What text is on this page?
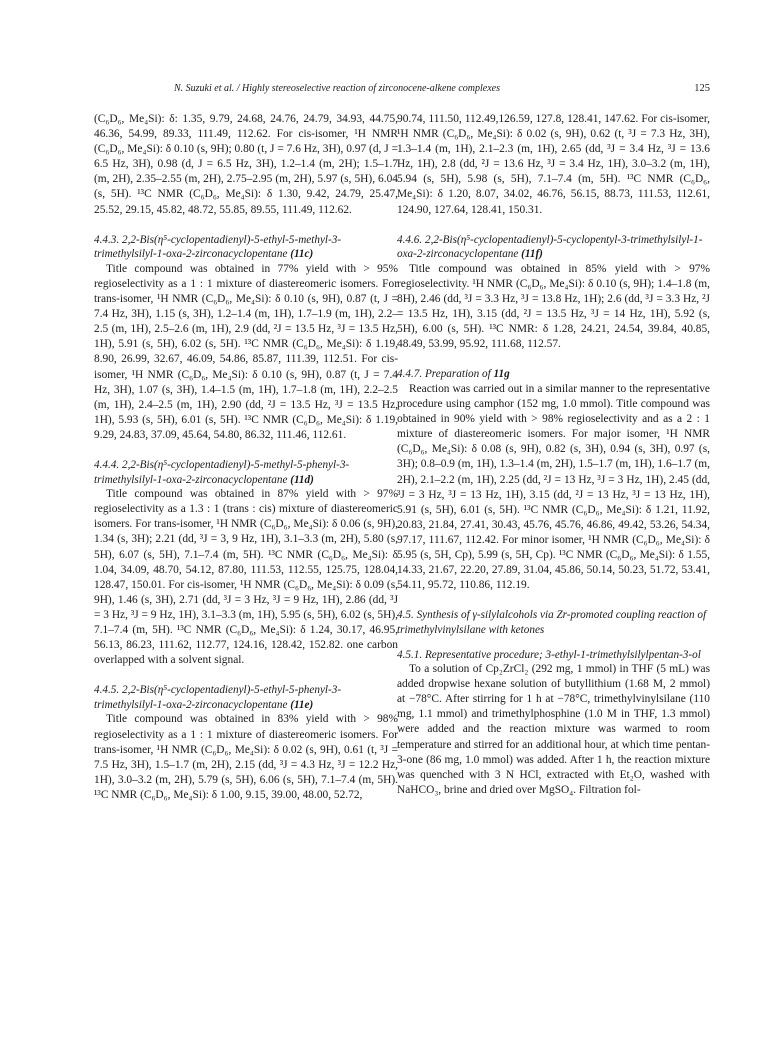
N. Suzuki et al. / Highly stereoselective reaction of zirconocene-alkene complexes	125

(C₆D₆, Me₄Si): δ: 1.35, 9.79, 24.68, 24.76, 24.79, 34.93, 44.75, 46.36, 54.99, 89.33, 111.49, 112.62. For cis-isomer, ¹H NMR (C₆D₆, Me₄Si): δ 0.10 (s, 9H); 0.80 (t, J = 7.6 Hz, 3H), 0.97 (d, J = 6.5 Hz, 3H), 0.98 (d, J = 6.5 Hz, 3H), 1.2–1.4 (m, 2H); 1.5–1.7 (m, 2H), 2.35–2.55 (m, 2H), 2.75–2.95 (m, 2H), 5.97 (s, 5H), 6.04 (s, 5H). ¹³C NMR (C₆D₆, Me₄Si): δ 1.30, 9.42, 24.79, 25.47, 25.52, 29.15, 45.82, 48.72, 55.85, 89.55, 111.49, 112.62.

4.4.3. 2,2-Bis(η⁵-cyclopentadienyl)-5-ethyl-5-methyl-3-trimethylsilyl-1-oxa-2-zirconacyclopentane (11c)

Title compound was obtained in 77% yield with > 95% regioselectivity as a 1 : 1 mixture of diastereomeric isomers. For trans-isomer, ¹H NMR (C₆D₆, Me₄Si): δ 0.10 (s, 9H), 0.87 (t, J = 7.4 Hz, 3H), 1.15 (s, 3H), 1.2–1.4 (m, 1H), 1.7–1.9 (m, 1H), 2.2–2.5 (m, 1H), 2.5–2.6 (m, 1H), 2.9 (dd, ²J = 13.5 Hz, ³J = 13.5 Hz, 1H), 5.91 (s, 5H), 6.02 (s, 5H). ¹³C NMR (C₆D₆, Me₄Si): δ 1.19, 8.90, 26.99, 32.67, 46.09, 54.86, 85.87, 111.39, 112.51. For cis-isomer, ¹H NMR (C₆D₆, Me₄Si): δ 0.10 (s, 9H), 0.87 (t, J = 7.4 Hz, 3H), 1.07 (s, 3H), 1.4–1.5 (m, 1H), 1.7–1.8 (m, 1H), 2.2–2.5 (m, 1H), 2.4–2.5 (m, 1H), 2.90 (dd, ²J = 13.5 Hz, ³J = 13.5 Hz, 1H), 5.93 (s, 5H), 6.01 (s, 5H). ¹³C NMR (C₆D₆, Me₄Si): δ 1.19, 9.29, 24.83, 37.09, 45.64, 54.80, 86.32, 111.46, 112.61.

4.4.4. 2,2-Bis(η⁵-cyclopentadienyl)-5-methyl-5-phenyl-3-trimethylsilyl-1-oxa-2-zirconacyclopentane (11d)

Title compound was obtained in 87% yield with > 97% regioselectivity as a 1.3 : 1 (trans : cis) mixture of diastereomeric isomers. For trans-isomer, ¹H NMR (C₆D₆, Me₄Si): δ 0.06 (s, 9H), 1.34 (s, 3H); 2.21 (dd, ³J = 3, 9 Hz, 1H), 3.1–3.3 (m, 2H), 5.80 (s, 5H), 6.07 (s, 5H), 7.1–7.4 (m, 5H). ¹³C NMR (C₆D₆, Me₄Si): δ 1.04, 34.09, 48.70, 54.12, 87.80, 111.53, 112.55, 125.75, 128.04, 128.47, 150.01. For cis-isomer, ¹H NMR (C₆D₆, Me₄Si): δ 0.09 (s, 9H), 1.46 (s, 3H), 2.71 (dd, ³J = 3 Hz, ³J = 9 Hz, 1H), 2.86 (dd, ³J = 3 Hz, ³J = 9 Hz, 1H), 3.1–3.3 (m, 1H), 5.95 (s, 5H), 6.02 (s, 5H), 7.1–7.4 (m, 5H). ¹³C NMR (C₆D₆, Me₄Si): δ 1.24, 30.17, 46.95, 56.13, 86.23, 111.62, 112.77, 124.16, 128.42, 152.82. one carbon overlapped with a solvent signal.

4.4.5. 2,2-Bis(η⁵-cyclopentadienyl)-5-ethyl-5-phenyl-3-trimethylsilyl-1-oxa-2-zirconacyclopentane (11e)

Title compound was obtained in 83% yield with > 98% regioselectivity as a 1 : 1 mixture of diastereomeric isomers. For trans-isomer, ¹H NMR (C₆D₆, Me₄Si): δ 0.02 (s, 9H), 0.61 (t, ³J = 7.5 Hz, 3H), 1.5–1.7 (m, 2H), 2.15 (dd, ³J = 4.3 Hz, ³J = 12.2 Hz, 1H), 3.0–3.2 (m, 2H), 5.79 (s, 5H), 6.06 (s, 5H), 7.1–7.4 (m, 5H). ¹³C NMR (C₆D₆, Me₄Si): δ 1.00, 9.15, 39.00, 48.00, 52.72,

90.74, 111.50, 112.49,126.59, 127.8, 128.41, 147.62. For cis-isomer, ¹H NMR (C₆D₆, Me₄Si): δ 0.02 (s, 9H), 0.62 (t, ³J = 7.3 Hz, 3H), 1.3–1.4 (m, 1H), 2.1–2.3 (m, 1H), 2.65 (dd, ³J = 3.4 Hz, ³J = 13.6 Hz, 1H), 2.8 (dd, ²J = 13.6 Hz, ³J = 3.4 Hz, 1H), 3.0–3.2 (m, 1H), 5.94 (s, 5H), 5.98 (s, 5H), 7.1–7.4 (m, 5H). ¹³C NMR (C₆D₆, Me₄Si): δ 1.20, 8.07, 34.02, 46.76, 56.15, 88.73, 111.53, 112.61, 124.90, 127.64, 128.41, 150.31.

4.4.6. 2,2-Bis(η⁵-cyclopentadienyl)-5-cyclopentyl-3-trimethylsilyl-1-oxa-2-zirconacyclopentane (11f)

Title compound was obtained in 85% yield with > 97% regioselectivity. ¹H NMR (C₆D₆, Me₄Si): δ 0.10 (s, 9H); 1.4–1.8 (m, 8H), 2.46 (dd, ³J = 3.3 Hz, ³J = 13.8 Hz, 1H); 2.6 (dd, ³J = 3.3 Hz, ²J = 13.5 Hz, 1H), 3.15 (dd, ²J = 13.5 Hz, ³J = 14 Hz, 1H), 5.92 (s, 5H), 6.00 (s, 5H). ¹³C NMR: δ 1.28, 24.21, 24.54, 39.84, 40.85, 48.49, 53.99, 95.92, 111.68, 112.57.

4.4.7. Preparation of 11g

Reaction was carried out in a similar manner to the representative procedure using camphor (152 mg, 1.0 mmol). Title compound was obtained in 90% yield with > 98% regioselectivity and as a 2 : 1 mixture of diastereomeric isomers. For major isomer, ¹H NMR (C₆D₆, Me₄Si): δ 0.08 (s, 9H), 0.82 (s, 3H), 0.94 (s, 3H), 0.97 (s, 3H); 0.8–0.9 (m, 1H), 1.3–1.4 (m, 2H), 1.5–1.7 (m, 1H), 1.6–1.7 (m, 2H), 2.1–2.2 (m, 1H), 2.25 (dd, ²J = 13 Hz, ³J = 3 Hz, 1H), 2.45 (dd, ³J = 3 Hz, ³J = 13 Hz, 1H), 3.15 (dd, ²J = 13 Hz, ³J = 13 Hz, 1H), 5.91 (s, 5H), 6.01 (s, 5H). ¹³C NMR (C₆D₆, Me₄Si): δ 1.21, 11.92, 20.83, 21.84, 27.41, 30.43, 45.76, 45.76, 46.86, 49.42, 53.26, 54.34, 97.17, 111.67, 112.42. For minor isomer, ¹H NMR (C₆D₆, Me₄Si): δ 5.95 (s, 5H, Cp), 5.99 (s, 5H, Cp). ¹³C NMR (C₆D₆, Me₄Si): δ 1.55, 14.33, 21.67, 22.20, 27.89, 31.04, 45.86, 50.14, 50.23, 51.72, 53.41, 54.11, 95.72, 110.86, 112.19.

4.5. Synthesis of γ-silylalcohols via Zr-promoted coupling reaction of trimethylvinylsilane with ketones

4.5.1. Representative procedure; 3-ethyl-1-trimethylsilylpentan-3-ol

To a solution of Cp₂ZrCl₂ (292 mg, 1 mmol) in THF (5 mL) was added dropwise hexane solution of butyllithium (1.68 M, 2 mmol) at −78°C. After stirring for 1 h at −78°C, trimethylvinylsilane (110 mg, 1.1 mmol) and trimethylphosphine (1.0 M in THF, 1.3 mmol) were added and the reaction mixture was warmed to room temperature and stirred for an additional hour, at which time pentan-3-one (86 mg, 1.0 mmol) was added. After 1 h, the reaction mixture was quenched with 3 N HCl, extracted with Et₂O, washed with NaHCO₃, brine and dried over MgSO₄. Filtration fol-
